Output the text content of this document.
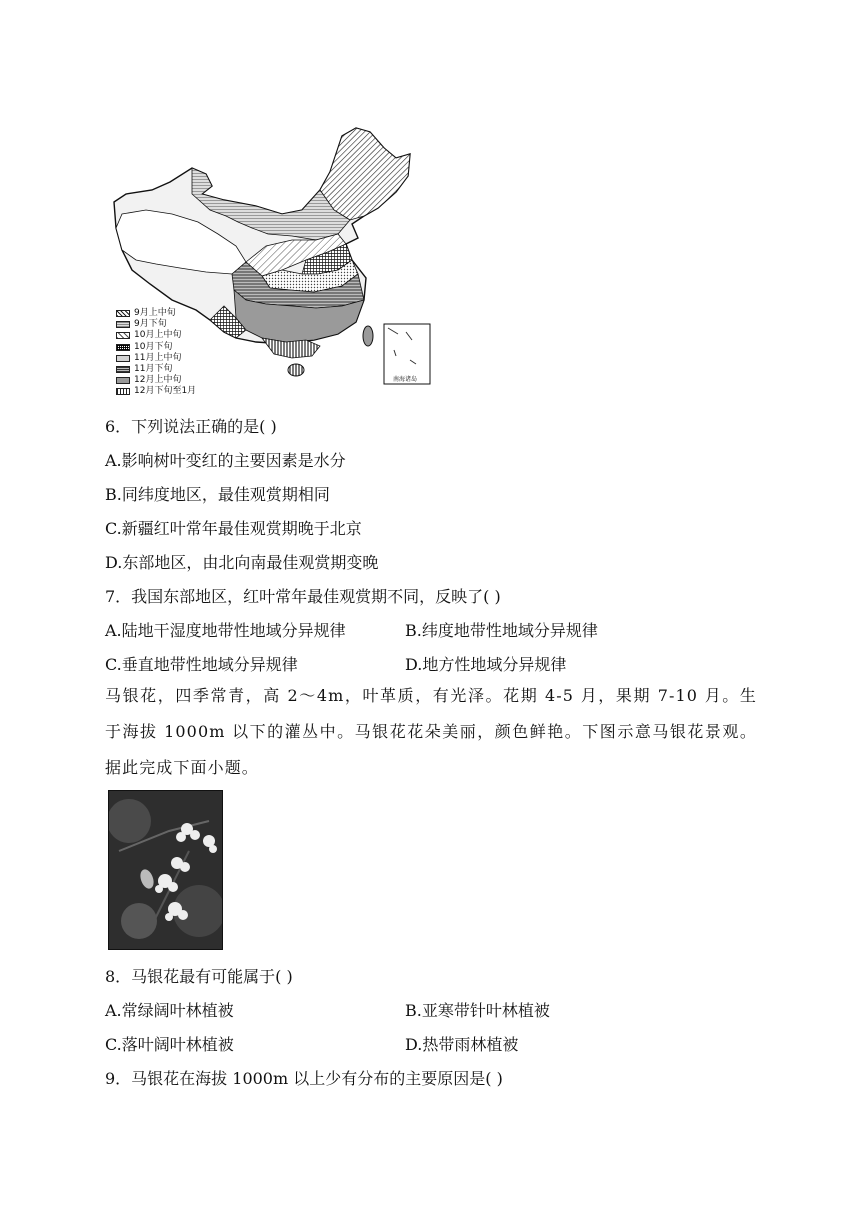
南海诸岛
9月上中旬
9月下旬
10月上中旬
10月下旬
11月上中旬
11月下旬
12月上中旬
12月下旬至1月
6．下列说法正确的是( )
A.影响树叶变红的主要因素是水分
B.同纬度地区，最佳观赏期相同
C.新疆红叶常年最佳观赏期晚于北京
D.东部地区，由北向南最佳观赏期变晚
7．我国东部地区，红叶常年最佳观赏期不同，反映了( )
A.陆地干湿度地带性地域分异规律	B.纬度地带性地域分异规律
C.垂直地带性地域分异规律	D.地方性地域分异规律
马银花，四季常青，高 2～4m，叶革质，有光泽。花期 4-5 月，果期 7-10 月。生于海拔 1000m 以下的灌丛中。马银花花朵美丽，颜色鲜艳。下图示意马银花景观。据此完成下面小题。
8．马银花最有可能属于( )
A.常绿阔叶林植被	B.亚寒带针叶林植被
C.落叶阔叶林植被	D.热带雨林植被
9．马银花在海拔 1000m 以上少有分布的主要原因是( )
